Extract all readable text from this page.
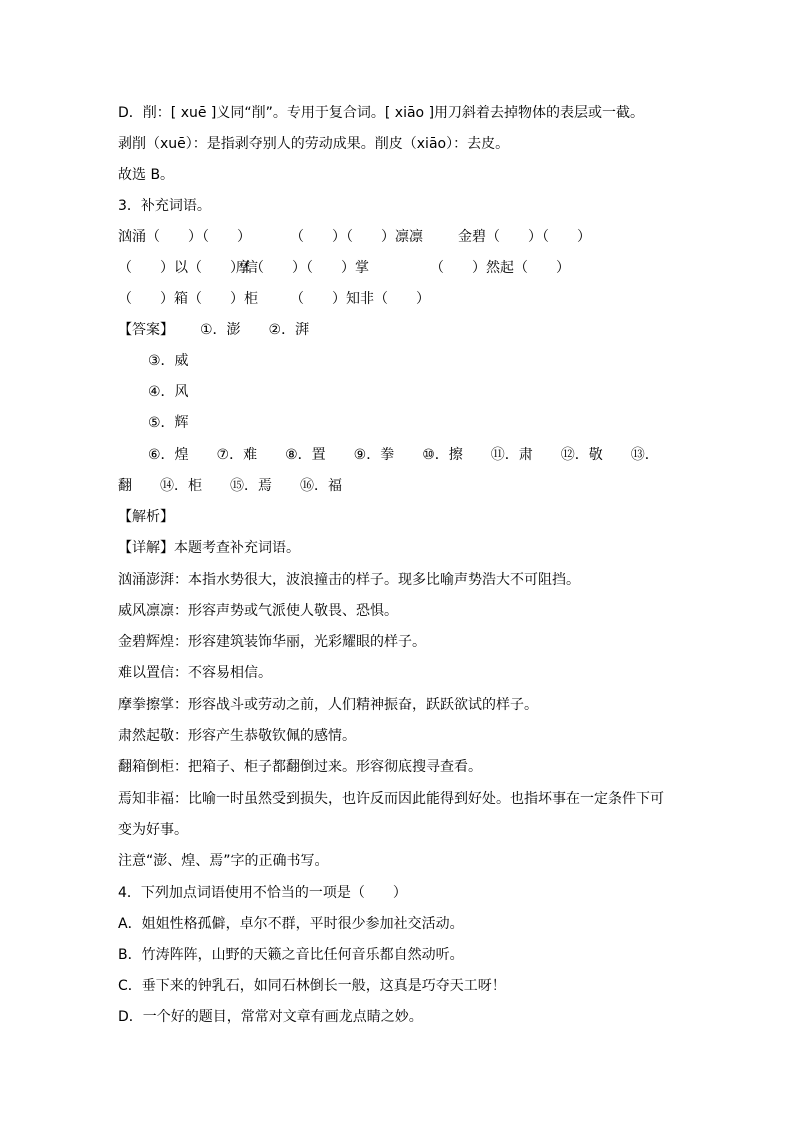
D．削：[ xuē ]义同“削”。专用于复合词。[ xiāo ]用刀斜着去掉物体的表层或一截。
剥削（xuē）：是指剥夺别人的劳动成果。削皮（xiāo）：去皮。
故选 B。
3．补充词语。
汹涌（　　）（　　）	（　　）（　　）凛凛	金碧（　　）（　　）
（　　）以（　　）信
摩（　　）（　　）掌	（　　）然起（　　）
（　　）箱（　　）柜 （　　）知非（　　）
【答案】 ①．澎　　②．湃
③．威
④．风
⑤．辉
⑥．煌　　⑦．难　　⑧．置　　⑨．拳　　⑩．擦　　⑪．肃　　⑫．敬　　⑬．
翻　　⑭．柜　　⑮．焉　　⑯．福
【解析】
【详解】本题考查补充词语。
汹涌澎湃：本指水势很大，波浪撞击的样子。现多比喻声势浩大不可阻挡。
威风凛凛：形容声势或气派使人敬畏、恐惧。
金碧辉煌：形容建筑装饰华丽，光彩耀眼的样子。
难以置信：不容易相信。
摩拳擦掌：形容战斗或劳动之前，人们精神振奋，跃跃欲试的样子。
肃然起敬：形容产生恭敬钦佩的感情。
翻箱倒柜：把箱子、柜子都翻倒过来。形容彻底搜寻查看。
焉知非福：比喻一时虽然受到损失，也许反而因此能得到好处。也指坏事在一定条件下可
变为好事。
注意“澎、煌、焉”字的正确书写。
4．下列加点词语使用不恰当的一项是（　　）
A．姐姐性格孤僻，卓尔不群，平时很少参加社交活动。
B．竹涛阵阵，山野的天籁之音比任何音乐都自然动听。
C．垂下来的钟乳石，如同石林倒长一般，这真是巧夺天工呀！
D．一个好的题目，常常对文章有画龙点睛之妙。
